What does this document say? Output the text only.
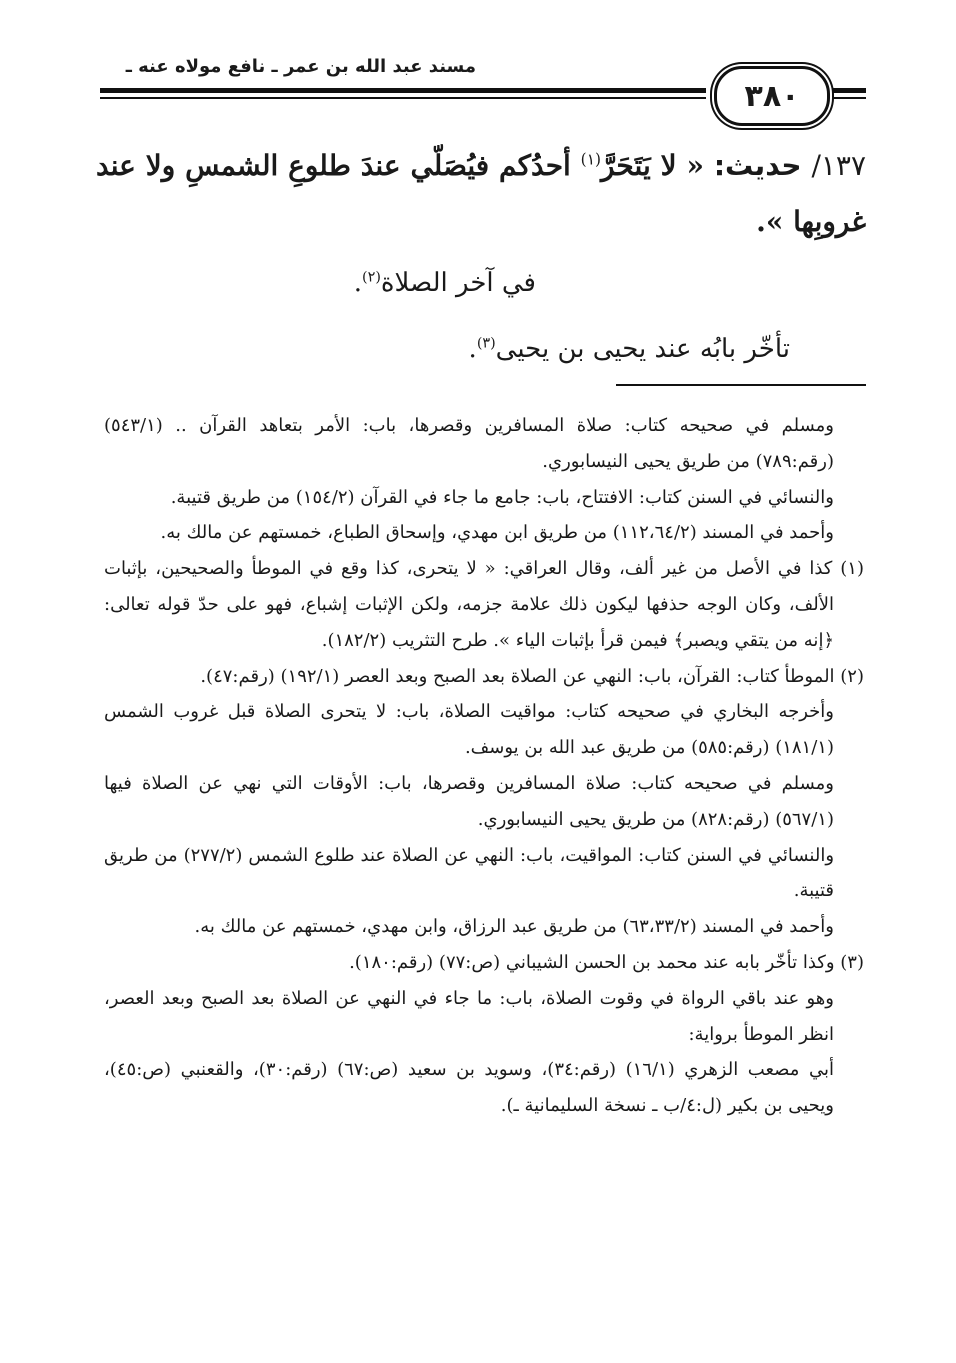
مسند عبد الله بن عمر ـ نافع مولاه عنه ـ
٣٨٠

١٣٧/ حديث: « لا يَتَحَرَّ$^{(١)}$ أحدُكم فيُصَلّي عندَ طلوعِ الشمسِ ولا عند غروبِها ».

في آخر الصلاة$^{(٢)}$.

تأخّر بابُه عند يحيى بن يحيى$^{(٣)}$.

ومسلم في صحيحه كتاب: صلاة المسافرين وقصرها، باب: الأمر بتعاهد القرآن .. (٥٤٣/١) (رقم:٧٨٩) من طريق يحيى النيسابوري.

والنسائي في السنن كتاب: الافتتاح، باب: جامع ما جاء في القرآن (١٥٤/٢) من طريق قتيبة.

وأحمد في المسند (١١٢،٦٤/٢) من طريق ابن مهدي، وإسحاق الطباع، خمستهم عن مالك به.

(١) كذا في الأصل من غير ألف، وقال العراقي: « لا يتحرى، كذا وقع في الموطأ والصحيحين، بإثبات الألف، وكان الوجه حذفها ليكون ذلك علامة جزمه، ولكن الإثبات إشباع، فهو على حدّ قوله تعالى: ﴿إنه من يتقي ويصبر﴾ فيمن قرأ بإثبات الياء ». طرح التثريب (١٨٢/٢).

(٢) الموطأ كتاب: القرآن، باب: النهي عن الصلاة بعد الصبح وبعد العصر (١٩٢/١) (رقم:٤٧).

وأخرجه البخاري في صحيحه كتاب: مواقيت الصلاة، باب: لا يتحرى الصلاة قبل غروب الشمس (١٨١/١) (رقم:٥٨٥) من طريق عبد الله بن يوسف.

ومسلم في صحيحه كتاب: صلاة المسافرين وقصرها، باب: الأوقات التي نهي عن الصلاة فيها (٥٦٧/١) (رقم:٨٢٨) من طريق يحيى النيسابوري.

والنسائي في السنن كتاب: المواقيت، باب: النهي عن الصلاة عند طلوع الشمس (٢٧٧/٢) من طريق قتيبة.

وأحمد في المسند (٦٣،٣٣/٢) من طريق عبد الرزاق، وابن مهدي، خمستهم عن مالك به.

(٣) وكذا تأخّر بابه عند محمد بن الحسن الشيباني (ص:٧٧) (رقم:١٨٠).

وهو عند باقي الرواة في وقوت الصلاة، باب: ما جاء في النهي عن الصلاة بعد الصبح وبعد العصر، انظر الموطأ برواية:

أبي مصعب الزهري (١٦/١) (رقم:٣٤)، وسويد بن سعيد (ص:٦٧) (رقم:٣٠)، والقعنبي (ص:٤٥)، ويحيى بن بكير (ل:٤/ب ـ نسخة السليمانية ـ).
